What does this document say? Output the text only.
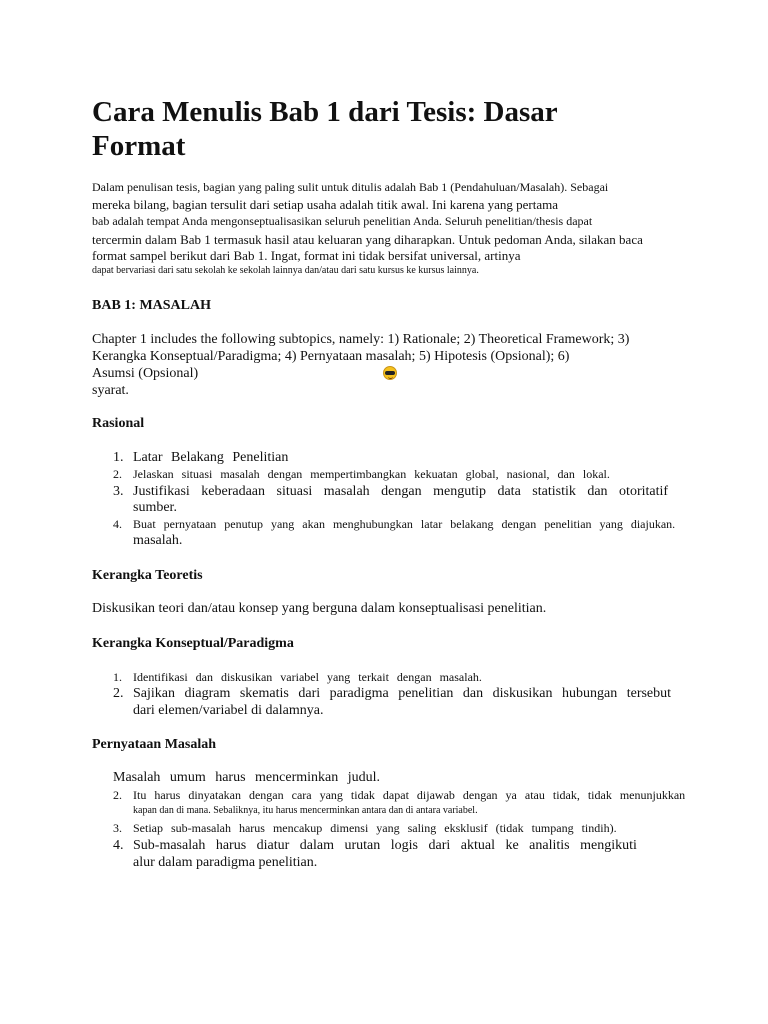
Cara Menulis Bab 1 dari Tesis: Dasar
Format
Dalam penulisan tesis, bagian yang paling sulit untuk ditulis adalah Bab 1 (Pendahuluan/Masalah). Sebagai
mereka bilang, bagian tersulit dari setiap usaha adalah titik awal. Ini karena yang pertama
bab adalah tempat Anda mengonseptualisasikan seluruh penelitian Anda. Seluruh penelitian/thesis dapat
tercermin dalam Bab 1 termasuk hasil atau keluaran yang diharapkan. Untuk pedoman Anda, silakan baca
format sampel berikut dari Bab 1. Ingat, format ini tidak bersifat universal, artinya
dapat bervariasi dari satu sekolah ke sekolah lainnya dan/atau dari satu kursus ke kursus lainnya.
BAB 1: MASALAH
Chapter 1 includes the following subtopics, namely: 1) Rationale; 2) Theoretical Framework; 3)
Kerangka Konseptual/Paradigma; 4) Pernyataan masalah; 5) Hipotesis (Opsional); 6)
Asumsi (Opsional)
syarat.
Rasional
1. Latar Belakang Penelitian
2. Jelaskan situasi masalah dengan mempertimbangkan kekuatan global, nasional, dan lokal.
3. Justifikasi keberadaan situasi masalah dengan mengutip data statistik dan otoritatif
sumber.
4. Buat pernyataan penutup yang akan menghubungkan latar belakang dengan penelitian yang diajukan.
masalah.
Kerangka Teoretis
Diskusikan teori dan/atau konsep yang berguna dalam konseptualisasi penelitian.
Kerangka Konseptual/Paradigma
1. Identifikasi dan diskusikan variabel yang terkait dengan masalah.
2. Sajikan diagram skematis dari paradigma penelitian dan diskusikan hubungan tersebut
dari elemen/variabel di dalamnya.
Pernyataan Masalah
Masalah umum harus mencerminkan judul.
2. Itu harus dinyatakan dengan cara yang tidak dapat dijawab dengan ya atau tidak, tidak menunjukkan
kapan dan di mana. Sebaliknya, itu harus mencerminkan antara dan di antara variabel.
3. Setiap sub-masalah harus mencakup dimensi yang saling eksklusif (tidak tumpang tindih).
4. Sub-masalah harus diatur dalam urutan logis dari aktual ke analitis mengikuti
alur dalam paradigma penelitian.
